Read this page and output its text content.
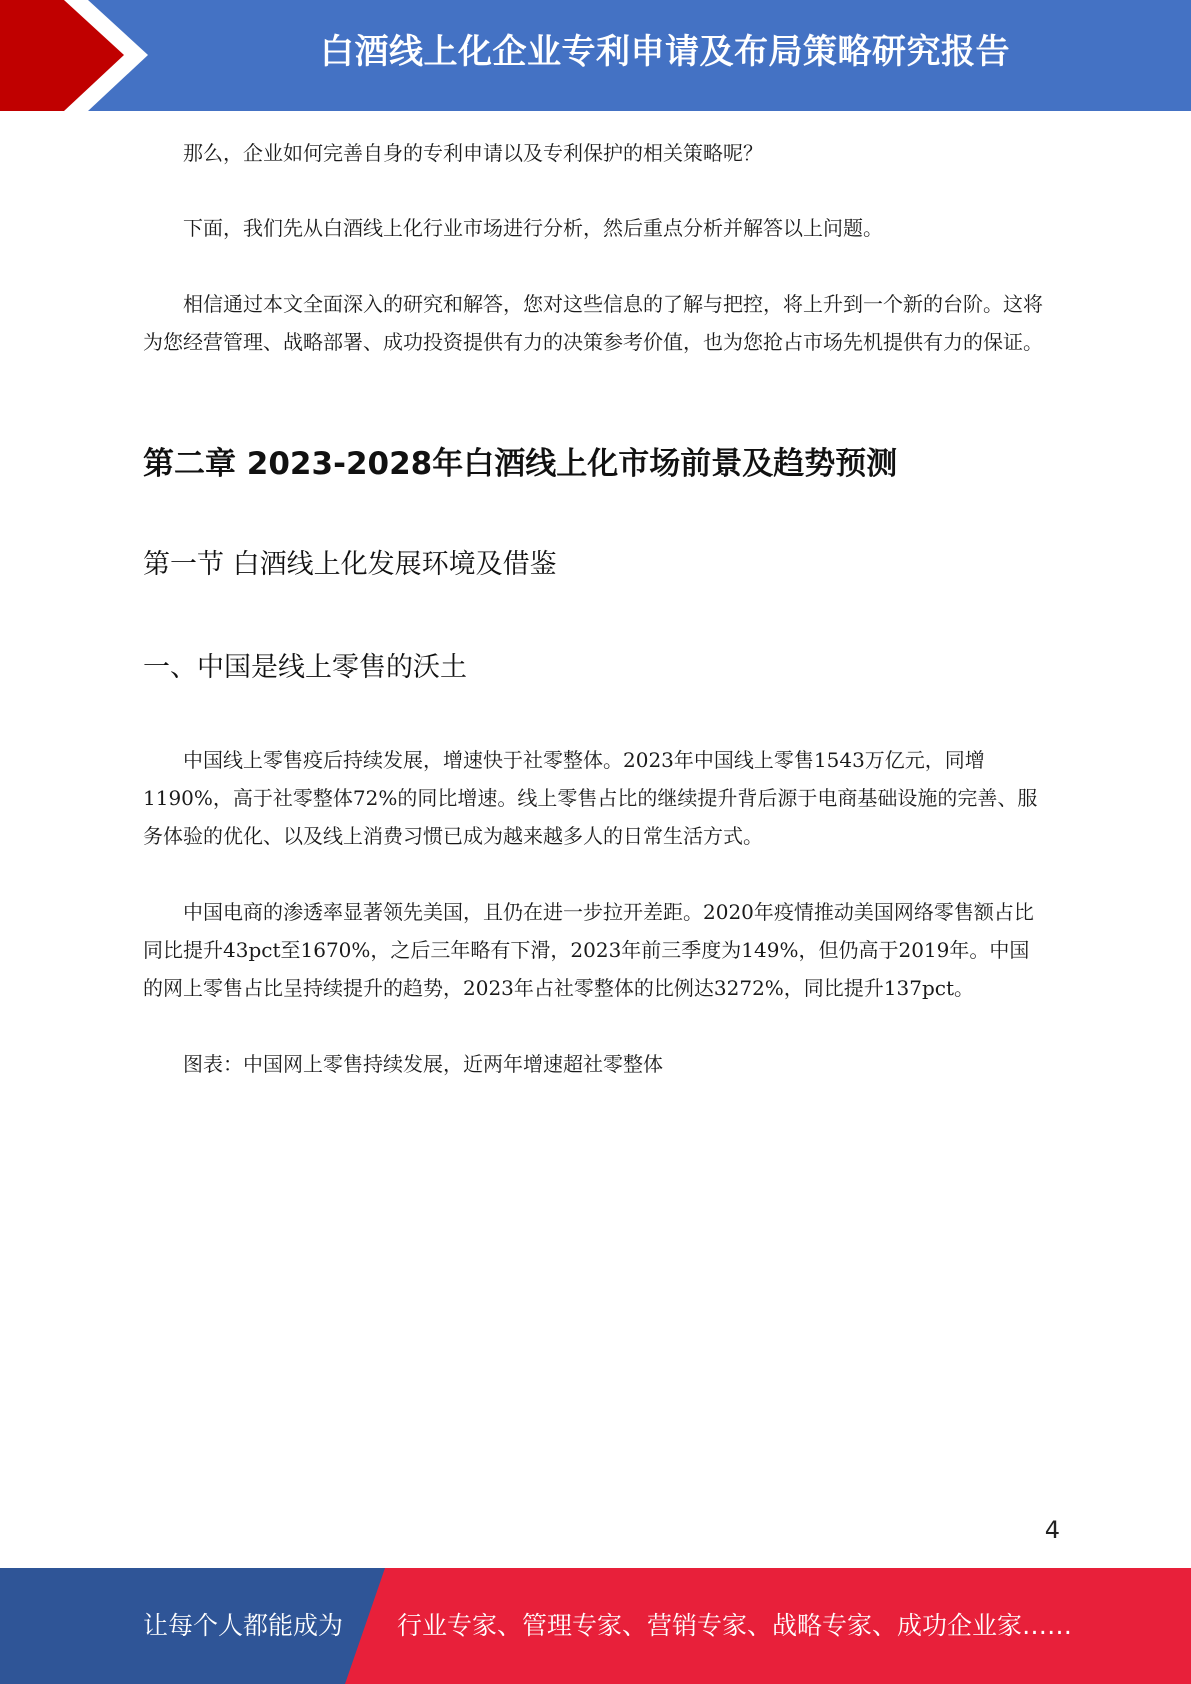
白酒线上化企业专利申请及布局策略研究报告

那么，企业如何完善自身的专利申请以及专利保护的相关策略呢？

下面，我们先从白酒线上化行业市场进行分析，然后重点分析并解答以上问题。

相信通过本文全面深入的研究和解答，您对这些信息的了解与把控，将上升到一个新的台阶。这将为您经营管理、战略部署、成功投资提供有力的决策参考价值，也为您抢占市场先机提供有力的保证。

第二章 2023-2028年白酒线上化市场前景及趋势预测
第一节 白酒线上化发展环境及借鉴
一、中国是线上零售的沃土

中国线上零售疫后持续发展，增速快于社零整体。2023年中国线上零售1543万亿元，同增1190%，高于社零整体72%的同比增速。线上零售占比的继续提升背后源于电商基础设施的完善、服务体验的优化、以及线上消费习惯已成为越来越多人的日常生活方式。

中国电商的渗透率显著领先美国，且仍在进一步拉开差距。2020年疫情推动美国网络零售额占比同比提升43pct至1670%，之后三年略有下滑，2023年前三季度为149%，但仍高于2019年。中国的网上零售占比呈持续提升的趋势，2023年占社零整体的比例达3272%，同比提升137pct。

图表：中国网上零售持续发展，近两年增速超社零整体

4
让每个人都能成为 行业专家、管理专家、营销专家、战略专家、成功企业家……
